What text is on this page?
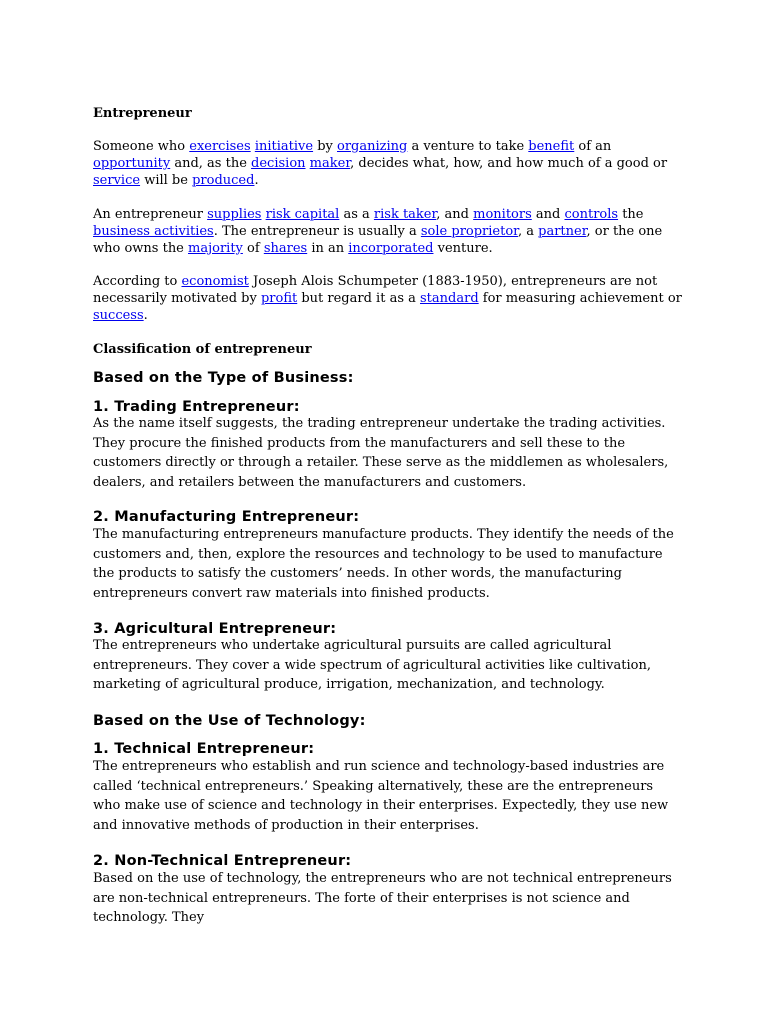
Entrepreneur

Someone who exercises initiative by organizing a venture to take benefit of an opportunity and, as the decision maker, decides what, how, and how much of a good or service will be produced.

An entrepreneur supplies risk capital as a risk taker, and monitors and controls the business activities. The entrepreneur is usually a sole proprietor, a partner, or the one who owns the majority of shares in an incorporated venture.

According to economist Joseph Alois Schumpeter (1883-1950), entrepreneurs are not necessarily motivated by profit but regard it as a standard for measuring achievement or success.

Classification of entrepreneur
Based on the Type of Business:
1. Trading Entrepreneur:

As the name itself suggests, the trading entrepreneur undertake the trading activities. They procure the finished products from the manufacturers and sell these to the customers directly or through a retailer. These serve as the middlemen as wholesalers, dealers, and retailers between the manufacturers and customers.

2. Manufacturing Entrepreneur:

The manufacturing entrepreneurs manufacture products. They identify the needs of the customers and, then, explore the resources and technology to be used to manufacture the products to satisfy the customers’ needs. In other words, the manufacturing entrepreneurs convert raw materials into finished products.

3. Agricultural Entrepreneur:

The entrepreneurs who undertake agricultural pursuits are called agricultural entrepreneurs. They cover a wide spectrum of agricultural activities like cultivation, marketing of agricultural produce, irrigation, mechanization, and technology.

Based on the Use of Technology:
1. Technical Entrepreneur:

The entrepreneurs who establish and run science and technology-based industries are called ‘technical entrepreneurs.’ Speaking alternatively, these are the entrepreneurs who make use of science and technology in their enterprises. Expectedly, they use new and innovative methods of production in their enterprises.

2. Non-Technical Entrepreneur:

Based on the use of technology, the entrepreneurs who are not technical entrepreneurs are non-technical entrepreneurs. The forte of their enterprises is not science and technology. They
